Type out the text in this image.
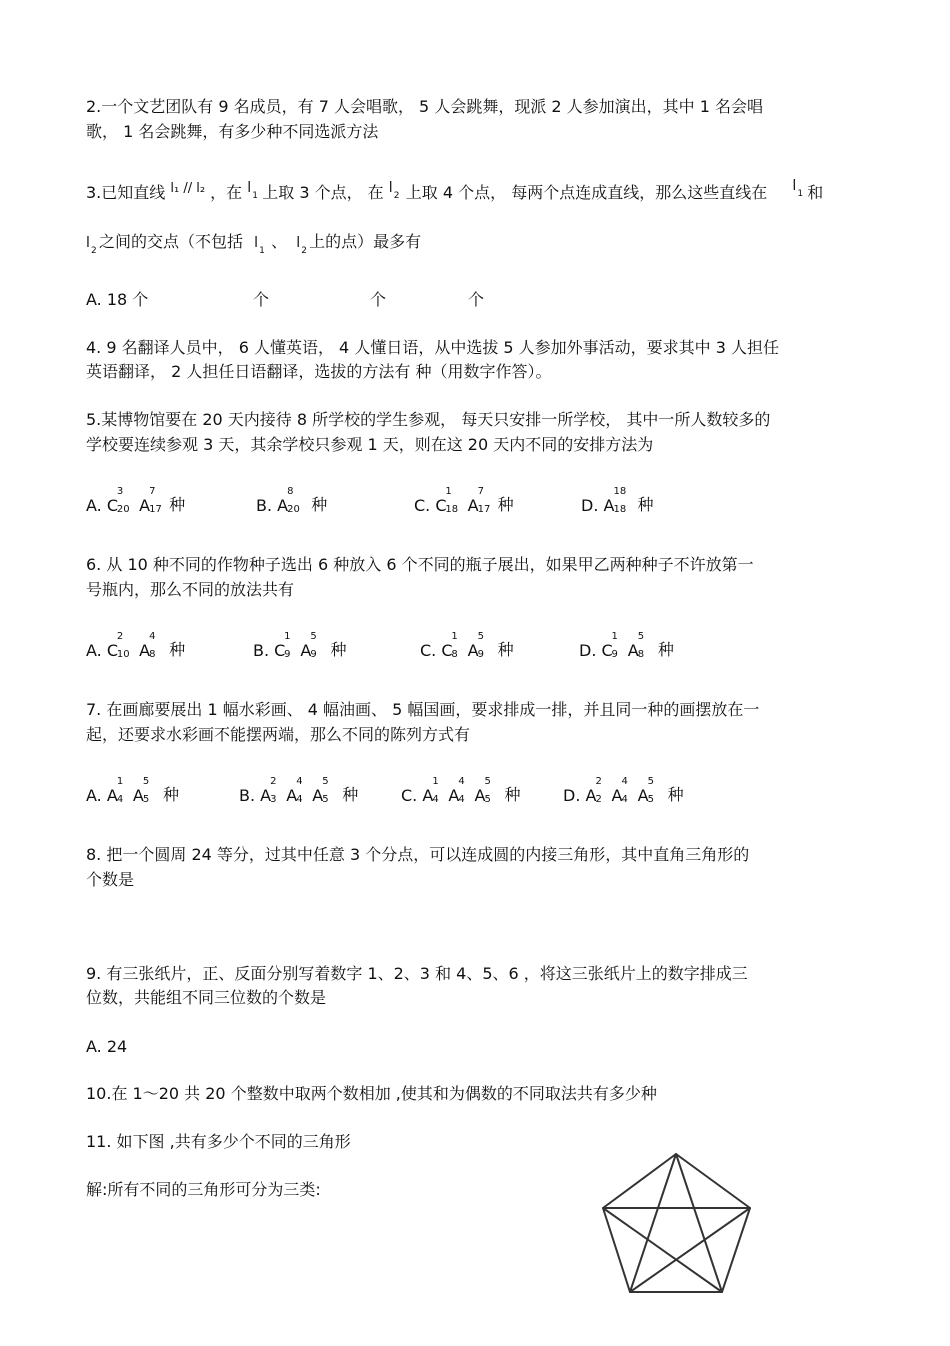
2.一个文艺团队有 9 名成员，有 7 人会唱歌， 5 人会跳舞，现派 2 人参加演出，其中 1 名会唱
歌， 1 名会跳舞，有多少种不同选派方法
3.已知直线 $^{l_1 // l_2}$ ，在 l 1 上取 3 个点， 在 l 2 上取 4 个点， 每两个点连成直线，那么这些直线在 l 1 和
l 2 之间的交点（不包括 l 1 、 l 2 上的点）最多有
A. 18 个	个	个	个
4. 9 名翻译人员中， 6 人懂英语， 4 人懂日语，从中选拔 5 人参加外事活动，要求其中 3 人担任
英语翻译， 2 人担任日语翻译，选拔的方法有 种（用数字作答）。
5.某博物馆要在 20 天内接待 8 所学校的学生参观， 每天只安排一所学校， 其中一所人数较多的
学校要连续参观 3 天，其余学校只参观 1 天，则在这 20 天内不同的安排方法为
A. C
3
20 A
7
17 种	B. A
8
20 种	C. C
1
18 A
7
17 种	D. A
18
18 种
6. 从 10 种不同的作物种子选出 6 种放入 6 个不同的瓶子展出，如果甲乙两种种子不许放第一
号瓶内，那么不同的放法共有
A. C
2
10 A
4
8 种	B. C
1
9 A
5
9 种	C. C
1
8 A
5
9 种	D. C
1
9 A
5
8 种
7. 在画廊要展出 1 幅水彩画、 4 幅油画、 5 幅国画，要求排成一排，并且同一种的画摆放在一
起，还要求水彩画不能摆两端，那么不同的陈列方式有
A. A
1
4 A
5
5 种	B. A
2
3 A
4
4 A
5
5 种	C. A
1
4 A
4
4 A
5
5 种	D. A
2
2 A
4
4 A
5
5 种
8. 把一个圆周 24 等分，过其中任意 3 个分点，可以连成圆的内接三角形，其中直角三角形的
个数是
9. 有三张纸片，正、反面分别写着数字 1、2、3 和 4、5、6 ，将这三张纸片上的数字排成三
位数，共能组不同三位数的个数是
A. 24
10.在 1～20 共 20 个整数中取两个数相加 ,使其和为偶数的不同取法共有多少种
11. 如下图 ,共有多少个不同的三角形
解:所有不同的三角形可分为三类:
